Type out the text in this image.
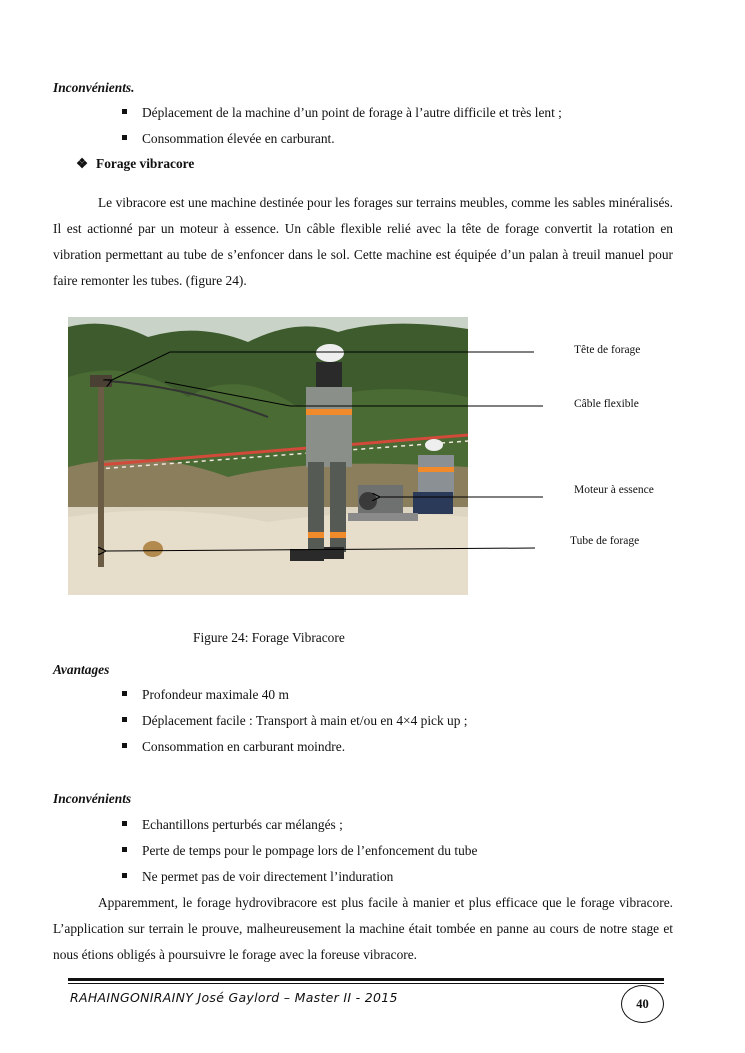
Inconvénients.
Déplacement de la machine d’un point de forage à l’autre difficile et très lent ;
Consommation élevée en carburant.
❖ Forage vibracore
Le vibracore est une machine destinée pour les forages sur terrains meubles, comme les sables minéralisés. Il est actionné par un moteur à essence. Un câble flexible relié avec la tête de forage convertit la rotation en vibration permettant au tube de s’enfoncer dans le sol. Cette machine est équipée d’un palan à treuil manuel pour faire remonter les tubes. (figure 24).
Tête de forage
Câble flexible
Moteur à essence
Tube de forage
Figure 24: Forage Vibracore
Avantages
Profondeur maximale 40 m
Déplacement facile : Transport à main et/ou en 4×4 pick up ;
Consommation en carburant moindre.
Inconvénients
Echantillons perturbés car mélangés ;
Perte de temps pour le pompage lors de l’enfoncement du tube
Ne permet pas de voir directement l’induration
Apparemment, le forage hydrovibracore est plus facile à manier et plus efficace que le forage vibracore. L’application sur terrain le prouve, malheureusement la machine était tombée en panne au cours de notre stage et nous étions obligés à poursuivre le forage avec la foreuse vibracore.
RAHAINGONIRAINY José Gaylord – Master II - 2015	40
